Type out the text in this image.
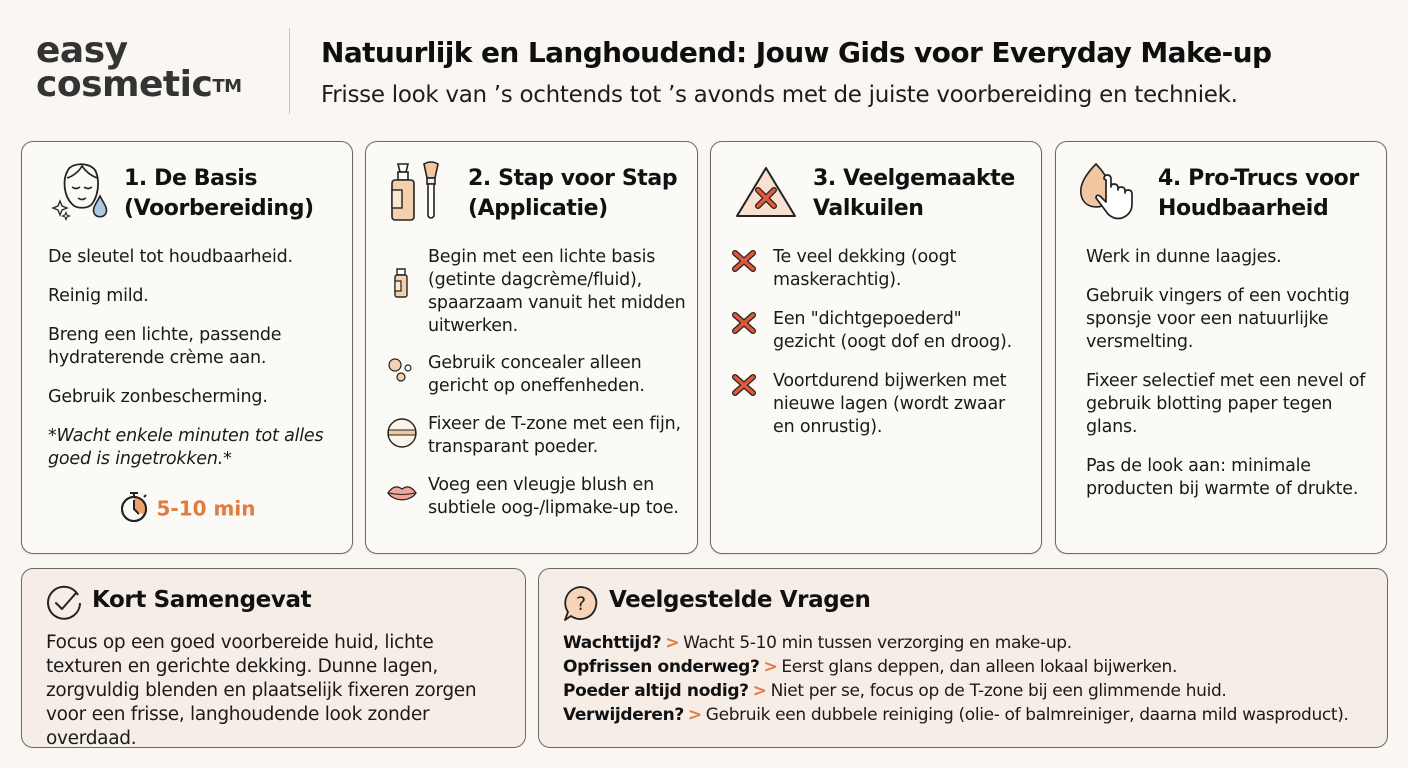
easy
cosmetic™
Natuurlijk en Langhoudend: Jouw Gids voor Everyday Make-up
Frisse look van ’s ochtends tot ’s avonds met de juiste voorbereiding en techniek.
1. De Basis
(Voorbereiding)

De sleutel tot houdbaarheid.

Reinig mild.

Breng een lichte, passende hydraterende crème aan.

Gebruik zonbescherming.

*Wacht enkele minuten tot alles goed is ingetrokken.*

5-10 min
2. Stap voor Stap
(Applicatie)
Begin met een lichte basis (getinte dagcrème/fluid), spaarzaam vanuit het midden uitwerken.
Gebruik concealer alleen gericht op oneffenheden.
Fixeer de T-zone met een fijn, transparant poeder.
Voeg een vleugje blush en subtiele oog-/lipmake-up toe.
3. Veelgemaakte
Valkuilen
Te veel dekking (oogt maskerachtig).
Een "dichtgepoederd" gezicht (oogt dof en droog).
Voortdurend bijwerken met nieuwe lagen (wordt zwaar en onrustig).
4. Pro-Trucs voor
Houdbaarheid

Werk in dunne laagjes.

Gebruik vingers of een vochtig sponsje voor een natuurlijke versmelting.

Fixeer selectief met een nevel of gebruik blotting paper tegen glans.

Pas de look aan: minimale producten bij warmte of drukte.

Kort Samengevat
Focus op een goed voorbereide huid, lichte texturen en gerichte dekking. Dunne lagen, zorgvuldig blenden en plaatselijk fixeren zorgen voor een frisse, langhoudende look zonder overdaad.
? Veelgestelde Vragen
Wachttijd? > Wacht 5-10 min tussen verzorging en make-up.
Opfrissen onderweg? > Eerst glans deppen, dan alleen lokaal bijwerken.
Poeder altijd nodig? > Niet per se, focus op de T-zone bij een glimmende huid.
Verwijderen? > Gebruik een dubbele reiniging (olie- of balmreiniger, daarna mild wasproduct).
